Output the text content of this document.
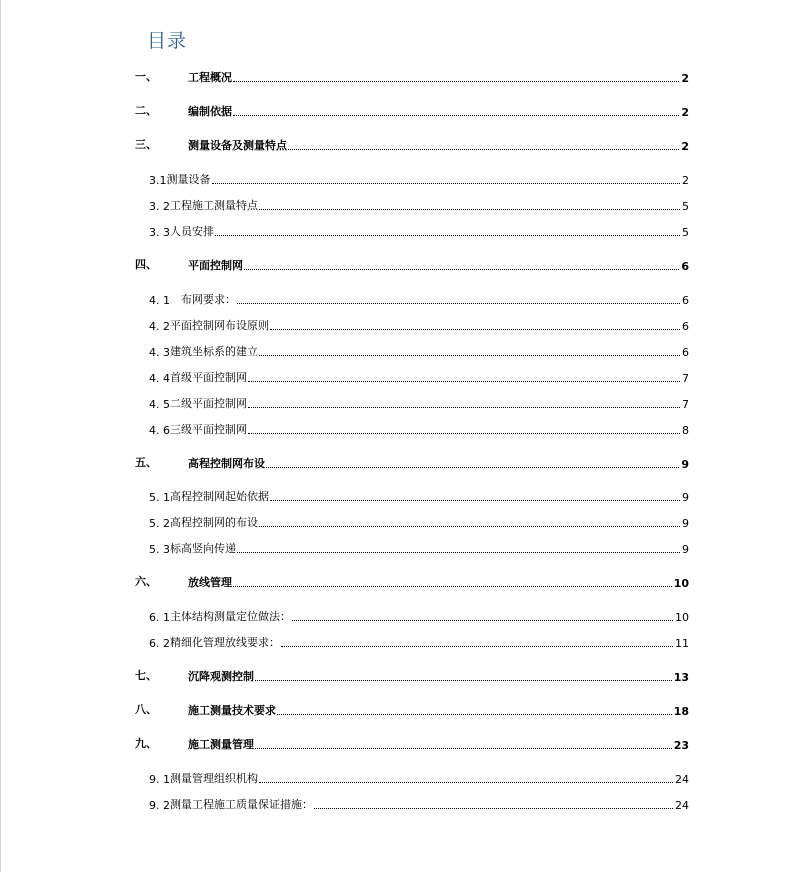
目录
一、	工程概况	2
二、	编制依据	2
三、	测量设备及测量特点	2
3.1 测量设备	2
3. 2 工程施工测量特点	5
3. 3 人员安排	5
四、	平面控制网	6
4. 1 　布网要求：	6
4. 2 平面控制网布设原则	6
4. 3 建筑坐标系的建立	6
4. 4 首级平面控制网	7
4. 5 二级平面控制网	7
4. 6 三级平面控制网	8
五、	高程控制网布设	9
5. 1 高程控制网起始依据	9
5. 2 高程控制网的布设	9
5. 3 标高竖向传递	9
六、	放线管理	10
6. 1 主体结构测量定位做法：	10
6. 2 精细化管理放线要求：	11
七、	沉降观测控制	13
八、	施工测量技术要求	18
九、	施工测量管理	23
9. 1 测量管理组织机构	24
9. 2 测量工程施工质量保证措施：	24
